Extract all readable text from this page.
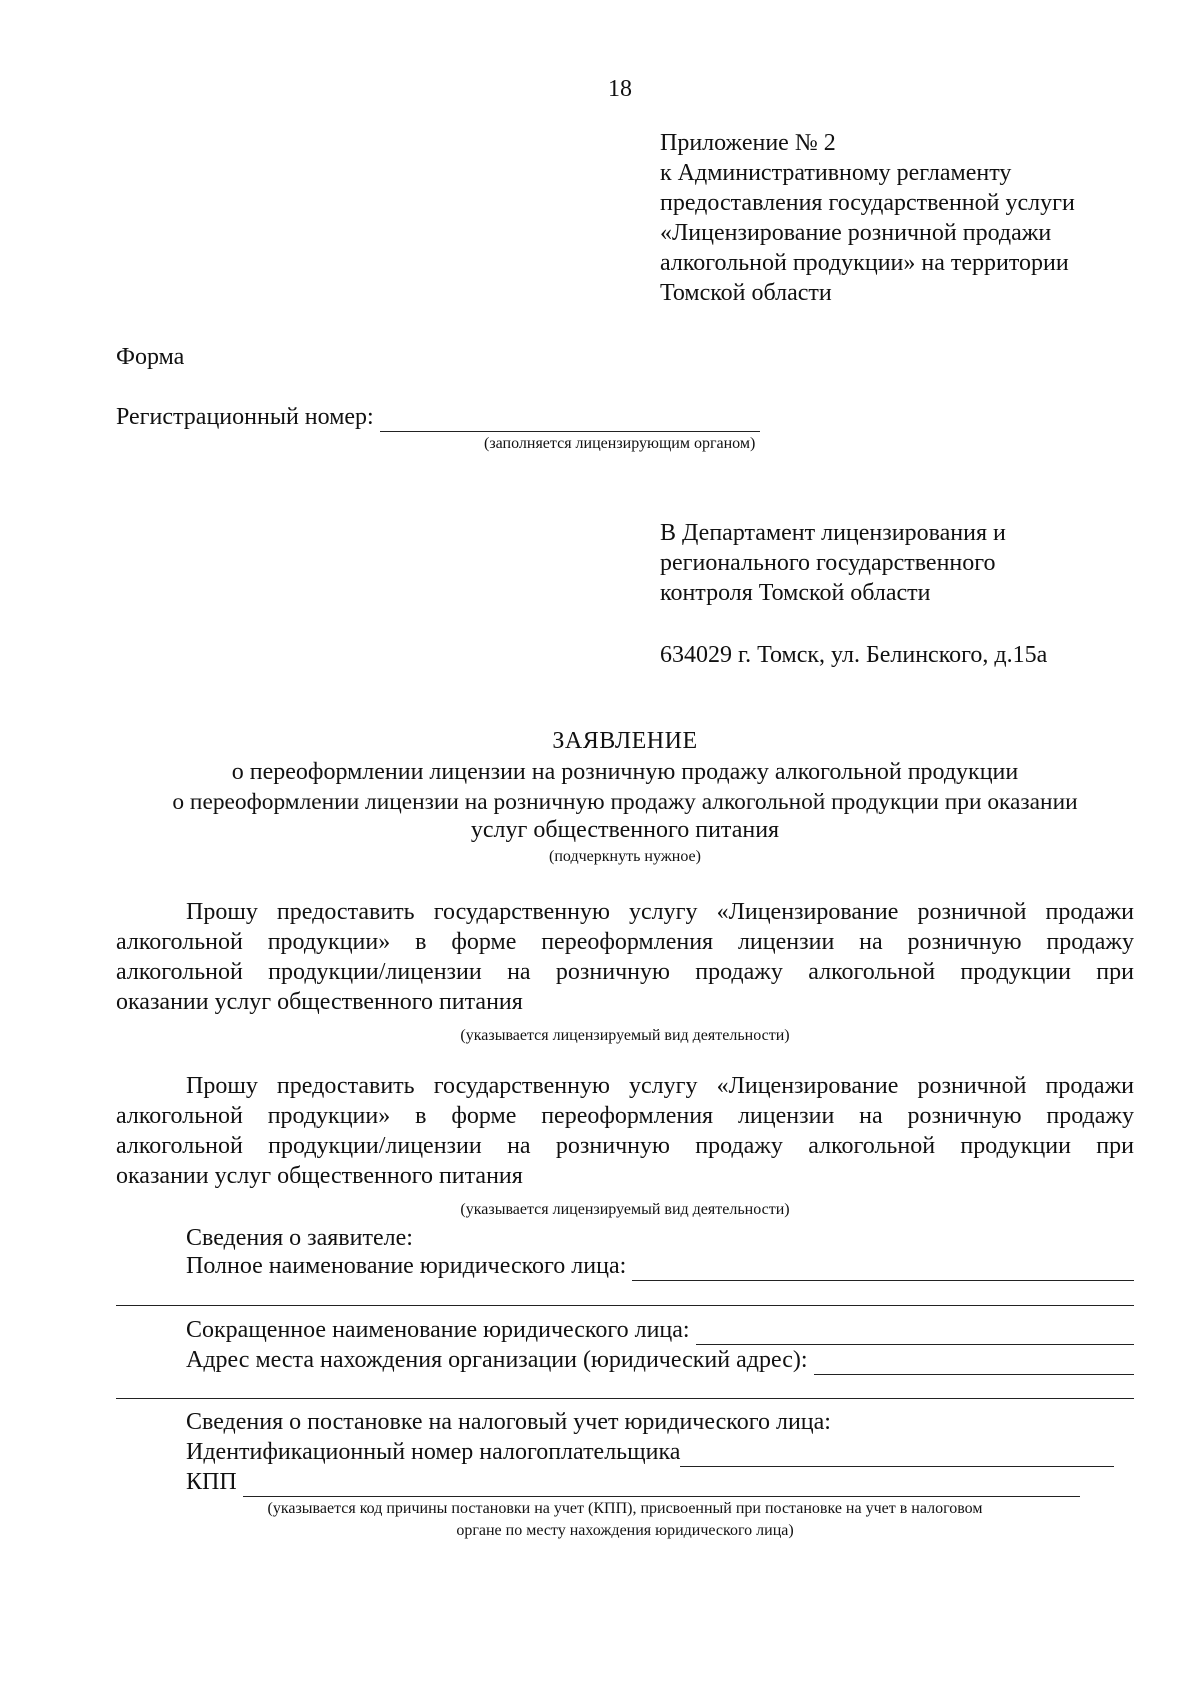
18
Приложение № 2
к Административному регламенту
предоставления государственной услуги
«Лицензирование розничной продажи
алкогольной продукции» на территории
Томской области
Форма
Регистрационный номер:
(заполняется лицензирующим органом)
В Департамент лицензирования и
регионального государственного
контроля Томской области
634029 г. Томск, ул. Белинского, д.15а
ЗАЯВЛЕНИЕ
о переоформлении лицензии на розничную продажу алкогольной продукции
о переоформлении лицензии на розничную продажу алкогольной продукции при оказании
услуг общественного питания
(подчеркнуть нужное)
Прошу предоставить государственную услугу «Лицензирование розничной продажи
алкогольной продукции» в форме переоформления лицензии на розничную продажу
алкогольной продукции/лицензии на розничную продажу алкогольной продукции при
оказании услуг общественного питания
(указывается лицензируемый вид деятельности)
Прошу предоставить государственную услугу «Лицензирование розничной продажи
алкогольной продукции» в форме переоформления лицензии на розничную продажу
алкогольной продукции/лицензии на розничную продажу алкогольной продукции при
оказании услуг общественного питания
(указывается лицензируемый вид деятельности)
Сведения о заявителе:
Полное наименование юридического лица:
Сокращенное наименование юридического лица:
Адрес места нахождения организации (юридический адрес):
Сведения о постановке на налоговый учет юридического лица:
Идентификационный номер налогоплательщика
КПП
(указывается код причины постановки на учет (КПП), присвоенный при постановке на учет в налоговом
органе по месту нахождения юридического лица)
